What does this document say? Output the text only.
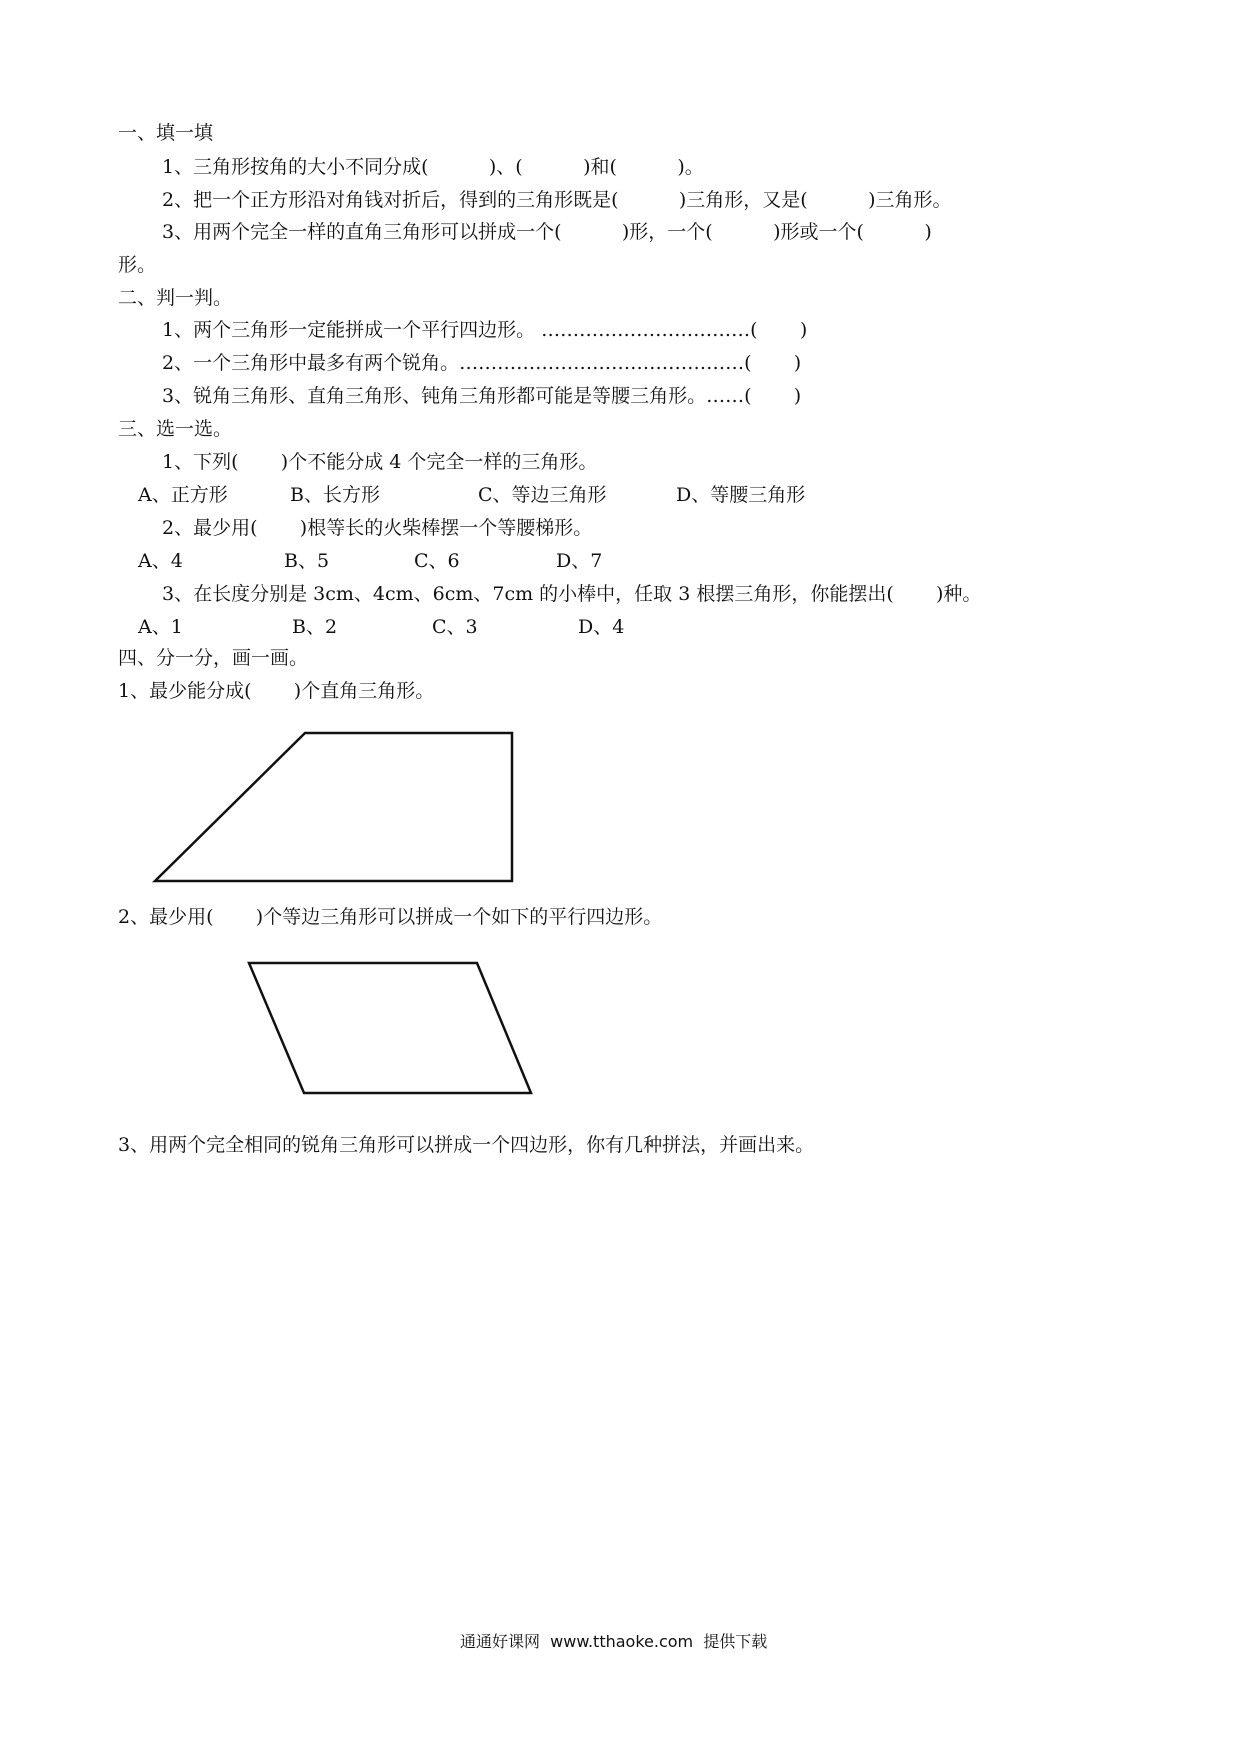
一、填一填
1、三角形按角的大小不同分成(          )、(          )和(          )。
2、把一个正方形沿对角钱对折后，得到的三角形既是(          )三角形，又是(          )三角形。
3、用两个完全一样的直角三角形可以拼成一个(          )形，一个(          )形或一个(          )
形。
二、判一判。
1、两个三角形一定能拼成一个平行四边形。 ……………………………(       )
2、一个三角形中最多有两个锐角。………………………………………(       )
3、锐角三角形、直角三角形、钝角三角形都可能是等腰三角形。……(       )
三、选一选。
1、下列(       )个不能分成 4 个完全一样的三角形。
A、正方形	B、长方形	C、等边三角形	D、等腰三角形
2、最少用(       )根等长的火柴棒摆一个等腰梯形。
A、4	B、5	C、6	D、7
3、在长度分别是 3cm、4cm、6cm、7cm 的小棒中，任取 3 根摆三角形，你能摆出(       )种。
A、1	B、2	C、3	D、4
四、分一分，画一画。
1、最少能分成(       )个直角三角形。
2、最少用(       )个等边三角形可以拼成一个如下的平行四边形。
3、用两个完全相同的锐角三角形可以拼成一个四边形，你有几种拼法，并画出来。
通通好课网  www.tthaoke.com  提供下载
